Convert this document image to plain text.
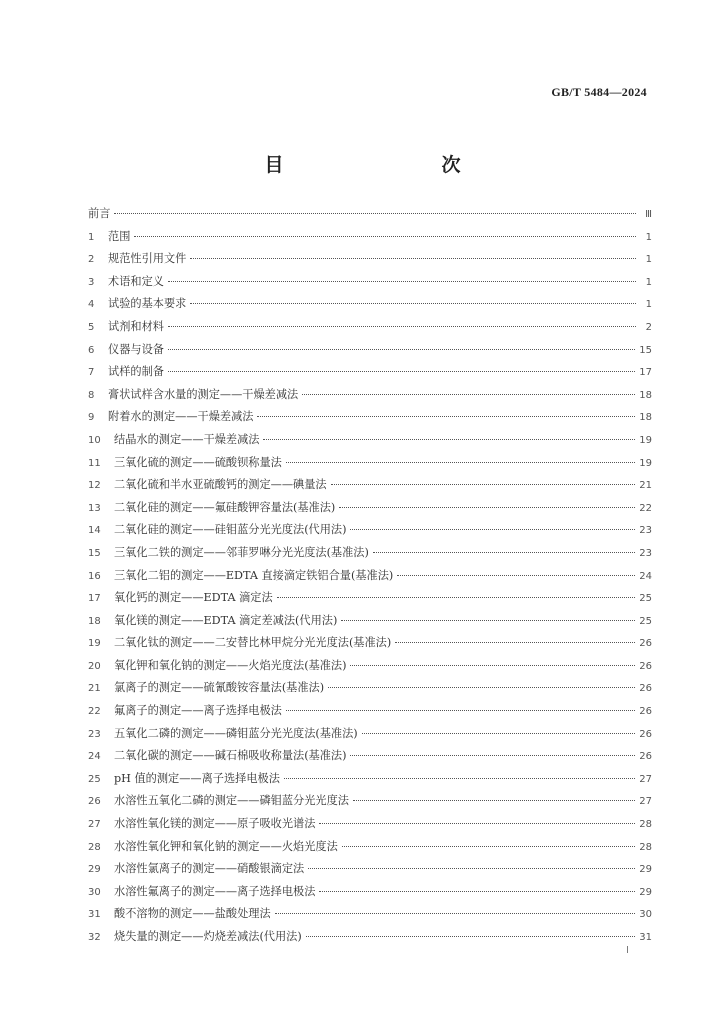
GB/T 5484—2024
目　　次
前言	Ⅲ
1	范围	1
2	规范性引用文件	1
3	术语和定义	1
4	试验的基本要求	1
5	试剂和材料	2
6	仪器与设备	15
7	试样的制备	17
8	膏状试样含水量的测定——干燥差减法	18
9	附着水的测定——干燥差减法	18
10	结晶水的测定——干燥差减法	19
11	三氧化硫的测定——硫酸钡称量法	19
12	二氧化硫和半水亚硫酸钙的测定——碘量法	21
13	二氧化硅的测定——氟硅酸钾容量法(基准法)	22
14	二氧化硅的测定——硅钼蓝分光光度法(代用法)	23
15	三氧化二铁的测定——邻菲罗啉分光光度法(基准法)	23
16	三氧化二铝的测定——EDTA 直接滴定铁铝合量(基准法)	24
17	氧化钙的测定——EDTA 滴定法	25
18	氧化镁的测定——EDTA 滴定差减法(代用法)	25
19	二氧化钛的测定——二安替比林甲烷分光光度法(基准法)	26
20	氧化钾和氧化钠的测定——火焰光度法(基准法)	26
21	氯离子的测定——硫氰酸铵容量法(基准法)	26
22	氟离子的测定——离子选择电极法	26
23	五氧化二磷的测定——磷钼蓝分光光度法(基准法)	26
24	二氧化碳的测定——碱石棉吸收称量法(基准法)	26
25	pH 值的测定——离子选择电极法	27
26	水溶性五氧化二磷的测定——磷钼蓝分光光度法	27
27	水溶性氧化镁的测定——原子吸收光谱法	28
28	水溶性氧化钾和氧化钠的测定——火焰光度法	28
29	水溶性氯离子的测定——硝酸银滴定法	29
30	水溶性氟离子的测定——离子选择电极法	29
31	酸不溶物的测定——盐酸处理法	30
32	烧失量的测定——灼烧差减法(代用法)	31
I
